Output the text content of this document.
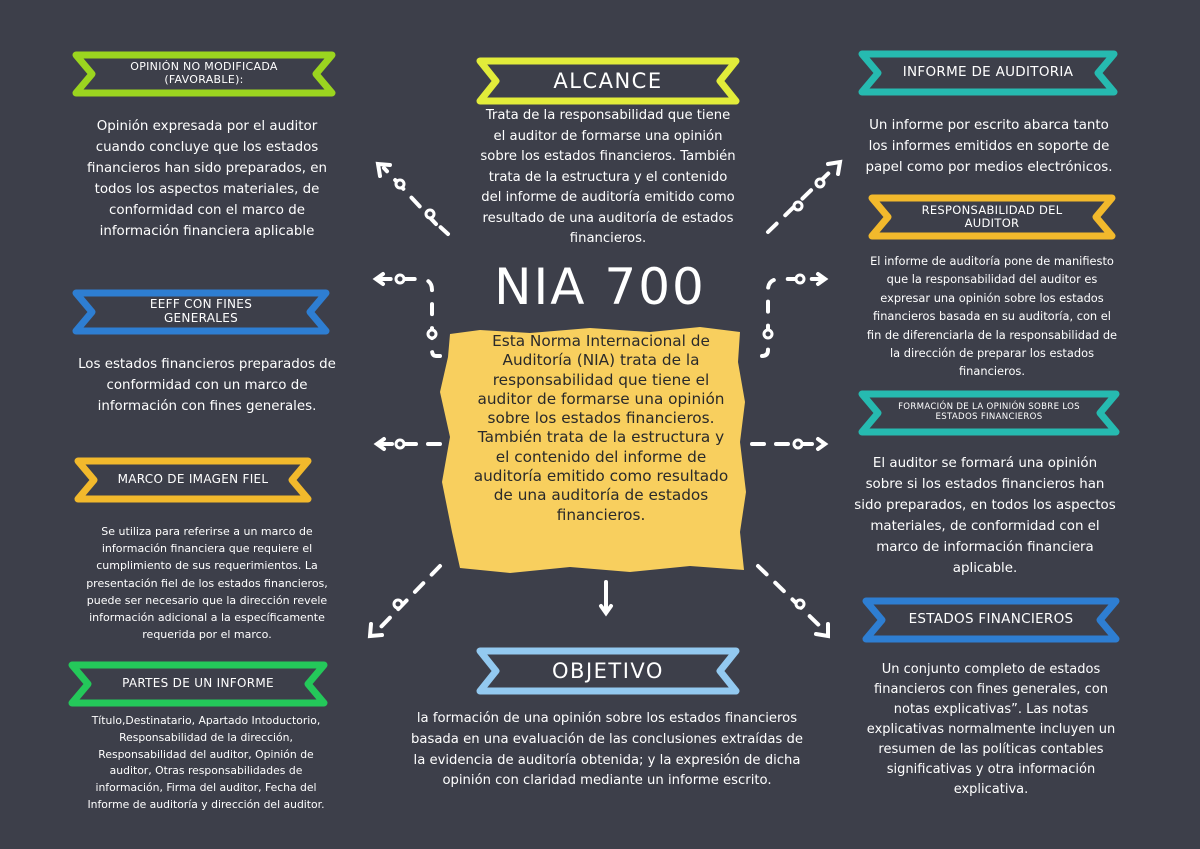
NIA 700
Esta Norma Internacional de Auditoría (NIA) trata de la responsabilidad que tiene el auditor de formarse una opinión sobre los estados financieros. También trata de la estructura y el contenido del informe de auditoría emitido como resultado de una auditoría de estados financieros.
OPINIÓN NO MODIFICADA (FAVORABLE):
Opinión expresada por el auditor cuando concluye que los estados financieros han sido preparados, en todos los aspectos materiales, de conformidad con el marco de información financiera aplicable
EEFF CON FINES GENERALES
Los estados financieros preparados de conformidad con un marco de información con fines generales.
MARCO DE IMAGEN FIEL
Se utiliza para referirse a un marco de información financiera que requiere el cumplimiento de sus requerimientos. La presentación fiel de los estados financieros, puede ser necesario que la dirección revele información adicional a la específicamente requerida por el marco.
PARTES DE UN INFORME
Título,Destinatario, Apartado Intoductorio, Responsabilidad de la dirección, Responsabilidad del auditor, Opinión de auditor, Otras responsabilidades de información, Firma del auditor, Fecha del Informe de auditoría y dirección del auditor.
ALCANCE
Trata de la responsabilidad que tiene el auditor de formarse una opinión sobre los estados financieros. También trata de la estructura y el contenido del informe de auditoría emitido como resultado de una auditoría de estados financieros.
OBJETIVO
la formación de una opinión sobre los estados financieros basada en una evaluación de las conclusiones extraídas de la evidencia de auditoría obtenida; y la expresión de dicha opinión con claridad mediante un informe escrito.
INFORME DE AUDITORIA
Un informe por escrito abarca tanto los informes emitidos en soporte de papel como por medios electrónicos.
RESPONSABILIDAD DEL AUDITOR
El informe de auditoría pone de manifiesto que la responsabilidad del auditor es expresar una opinión sobre los estados financieros basada en su auditoría, con el fin de diferenciarla de la responsabilidad de la dirección de preparar los estados financieros.
FORMACIÓN DE LA OPINIÓN SOBRE LOS ESTADOS FINANCIEROS
El auditor se formará una opinión sobre si los estados financieros han sido preparados, en todos los aspectos materiales, de conformidad con el marco de información financiera aplicable.
ESTADOS FINANCIEROS
Un conjunto completo de estados financieros con fines generales, con notas explicativas”. Las notas explicativas normalmente incluyen un resumen de las políticas contables significativas y otra información explicativa.
